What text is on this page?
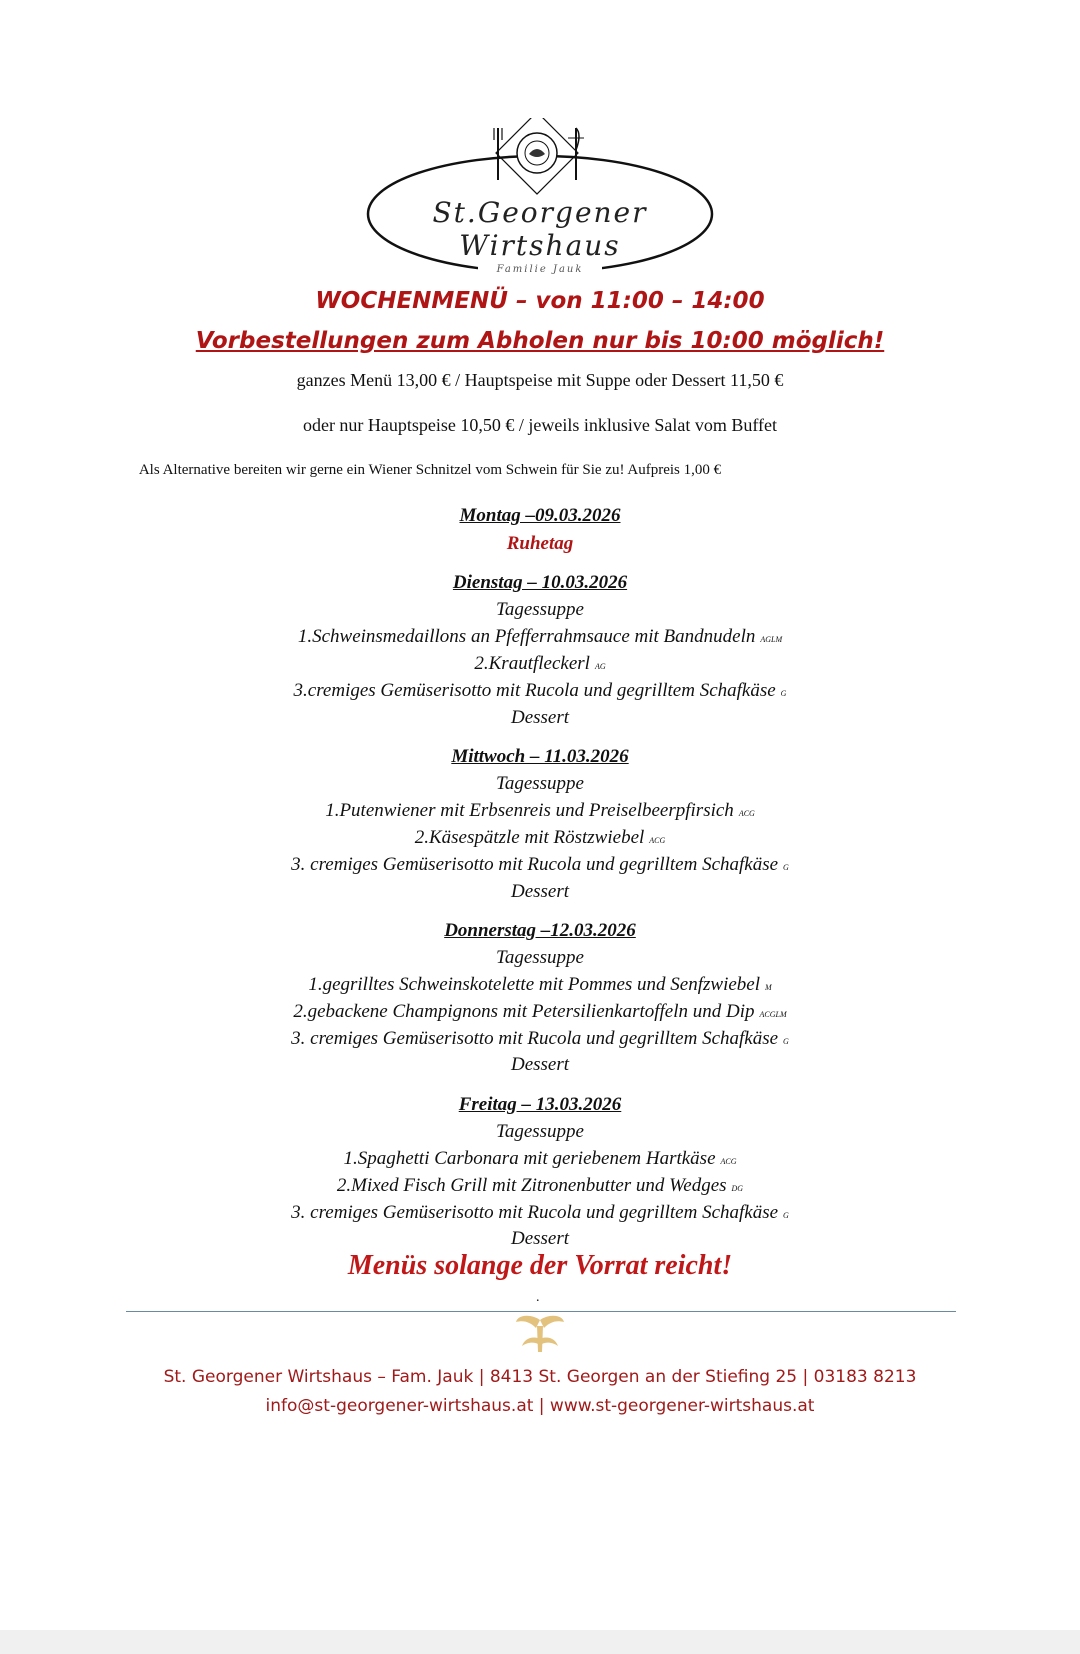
St.Georgener Wirtshaus
Familie Jauk
WOCHENMENÜ – von 11:00 – 14:00
Vorbestellungen zum Abholen nur bis 10:00 möglich!
ganzes Menü 13,00 € / Hauptspeise mit Suppe oder Dessert 11,50 €
oder nur Hauptspeise 10,50 € / jeweils inklusive Salat vom Buffet
Als Alternative bereiten wir gerne ein Wiener Schnitzel vom Schwein für Sie zu! Aufpreis 1,00 €
Montag –09.03.2026
Ruhetag
Dienstag – 10.03.2026
Tagessuppe
1.Schweinsmedaillons an Pfefferrahmsauce mit Bandnudeln aglm
2.Krautfleckerl ag
3.cremiges Gemüserisotto mit Rucola und gegrilltem Schafkäse g
Dessert
Mittwoch – 11.03.2026
Tagessuppe
1.Putenwiener mit Erbsenreis und Preiselbeerpfirsich acg
2.Käsespätzle mit Röstzwiebel acg
3. cremiges Gemüserisotto mit Rucola und gegrilltem Schafkäse g
Dessert
Donnerstag –12.03.2026
Tagessuppe
1.gegrilltes Schweinskotelette mit Pommes und Senfzwiebel m
2.gebackene Champignons mit Petersilienkartoffeln und Dip acglm
3. cremiges Gemüserisotto mit Rucola und gegrilltem Schafkäse g
Dessert
Freitag – 13.03.2026
Tagessuppe
1.Spaghetti Carbonara mit geriebenem Hartkäse acg
2.Mixed Fisch Grill mit Zitronenbutter und Wedges dg
3. cremiges Gemüserisotto mit Rucola und gegrilltem Schafkäse g
Dessert
Menüs solange der Vorrat reicht!
.
St. Georgener Wirtshaus – Fam. Jauk | 8413 St. Georgen an der Stiefing 25 | 03183 8213
info@st-georgener-wirtshaus.at | www.st-georgener-wirtshaus.at
